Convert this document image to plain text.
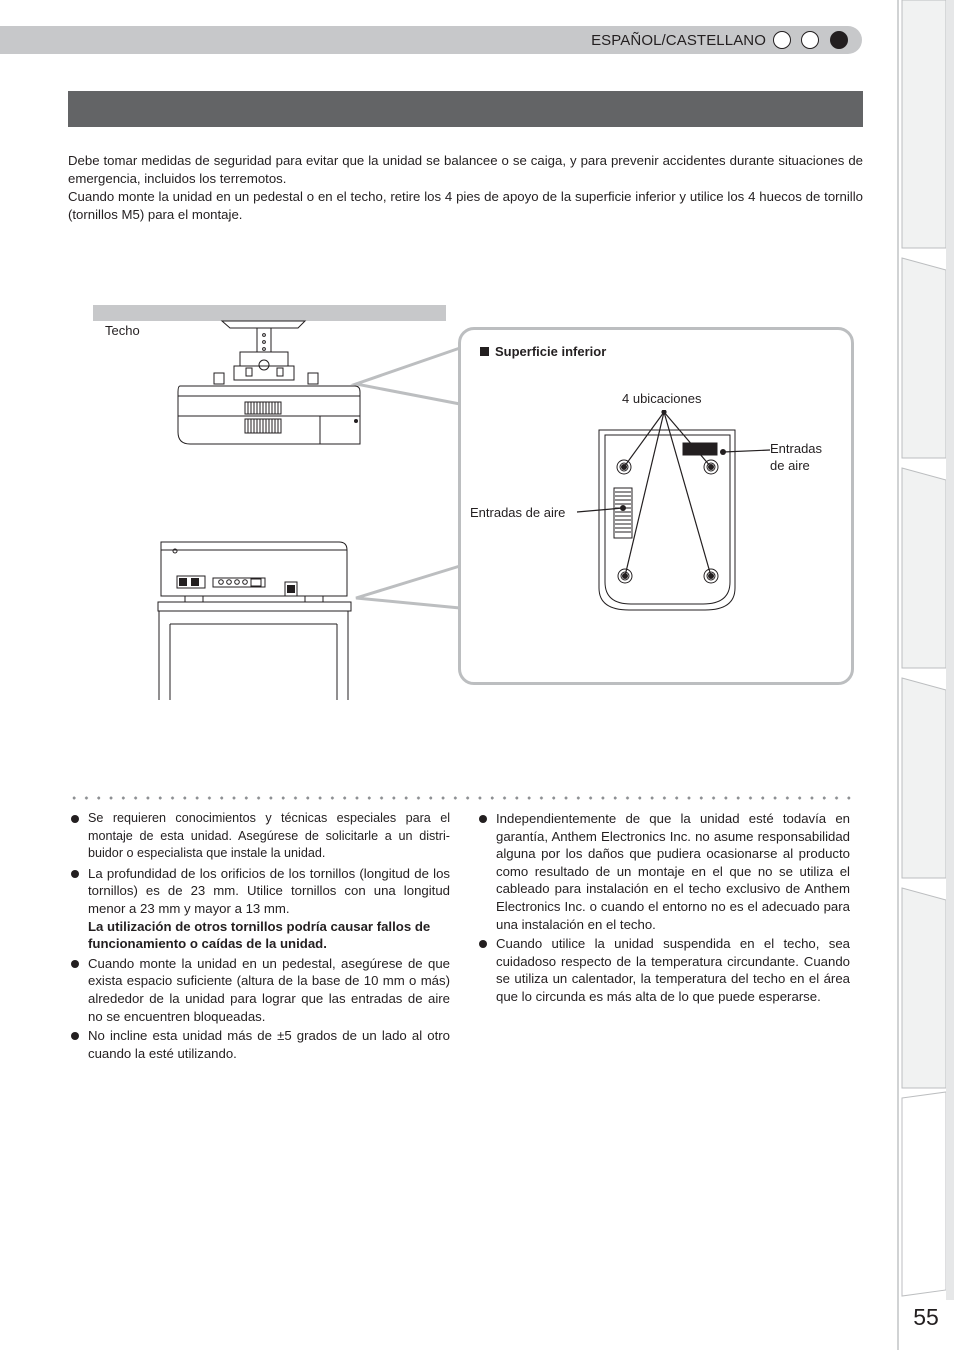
ESPAÑOL/CASTELLANO
Debe tomar medidas de seguridad para evitar que la unidad se balancee o se caiga, y para prevenir accidentes durante situaciones de emergencia, incluidos los terremotos.
Cuando monte la unidad en un pedestal o en el techo, retire los 4 pies de apoyo de la superficie inferior y utilice los 4 huecos de tornillo (tornillos M5) para el montaje.
Techo
Superficie inferior
4 ubicaciones
Entradas
de aire
Entradas de aire
Se requieren conocimientos y técnicas especiales para el montaje de esta unidad. Asegúrese de solicitarle a un distribuidor o especialista que instale la unidad.
La profundidad de los orificios de los tornillos (longitud de los tornillos) es de 23 mm. Utilice tornillos con una longitud menor a 23 mm y mayor a 13 mm.
La utilización de otros tornillos podría causar fallos de funcionamiento o caídas de la unidad.
Cuando monte la unidad en un pedestal, asegúrese de que exista espacio suficiente (altura de la base de 10 mm o más) alrededor de la unidad para lograr que las entradas de aire no se encuentren bloqueadas.
No incline esta unidad más de ±5 grados de un lado al otro cuando la esté utilizando.
Independientemente de que la unidad esté todavía en garantía, Anthem Electronics Inc. no asume responsabilidad alguna por los daños que pudiera ocasionarse al producto como resultado de un montaje en el que no se utiliza el cableado para instalación en el techo exclusivo de Anthem Electronics Inc. o cuando el entorno no es el adecuado para una instalación en el techo.
Cuando utilice la unidad suspendida en el techo, sea cuidadoso respecto de la temperatura circundante. Cuando se utiliza un calentador, la temperatura del techo en el área que lo circunda es más alta de lo que puede esperarse.
55
